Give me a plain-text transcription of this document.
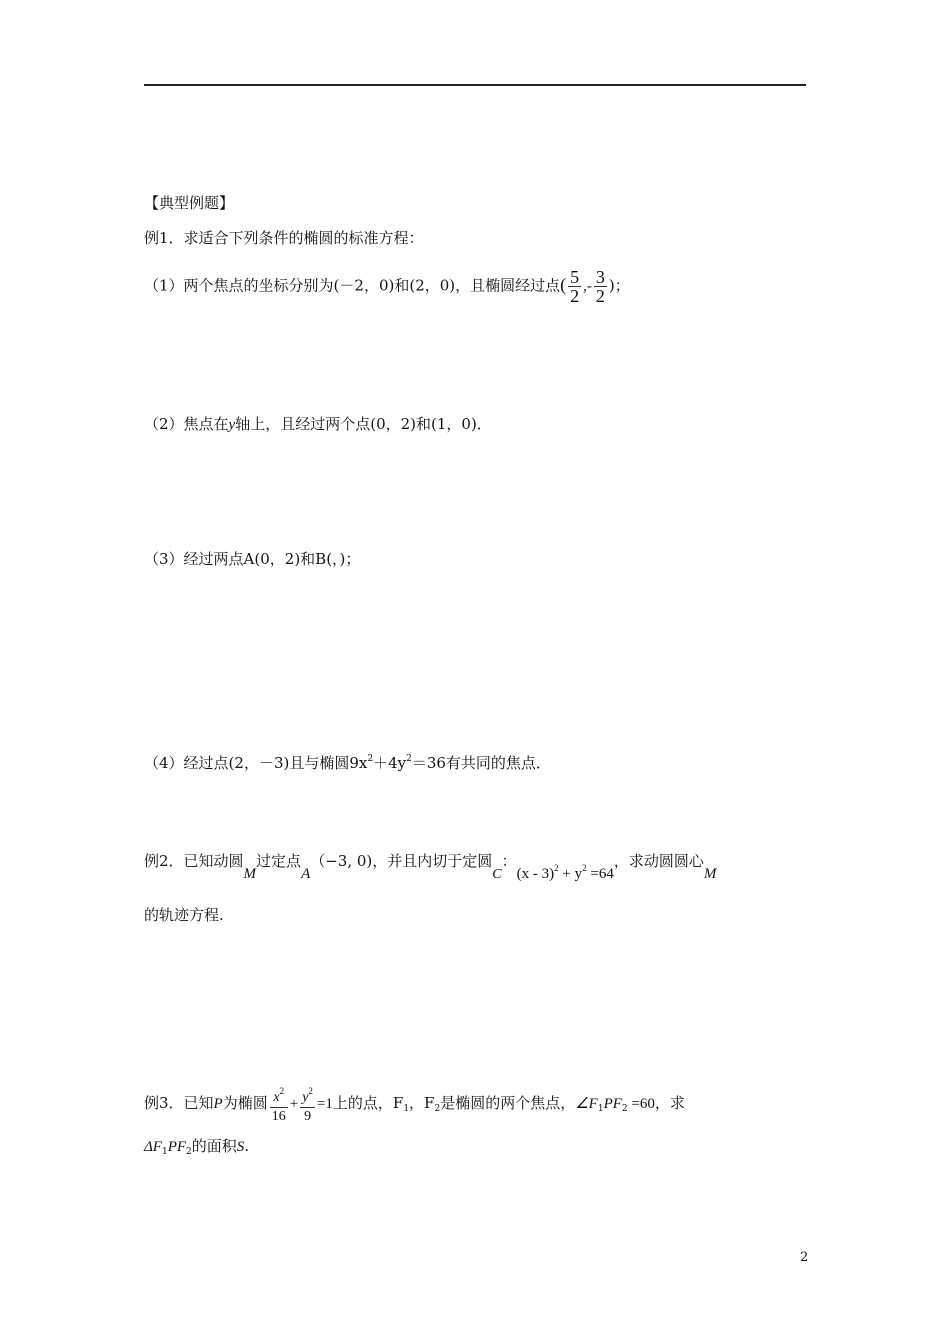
【典型例题】
例1．求适合下列条件的椭圆的标准方程：
（1）两个焦点的坐标分别为(－2，0)和(2，0)，且椭圆经过点( $\frac{5}{2}$ ,- $\frac{3}{2}$ )；
（2）焦点在y轴上，且经过两个点(0，2)和(1，0)．
（3）经过两点A(0，2)和B(，)；
（4）经过点(2，－3)且与椭圆$9x^2+4y^2=36$有共同的焦点．
例2．已知动圆M过定点A（−3, 0)，并且内切于定圆C：$(x - 3)^2 + y^2 =64$，求动圆圆心M
的轨迹方程.
例3．已知P为椭圆 $\frac{x^2}{16} + \frac{y^2}{9} =1$上的点，$F_1$，$F_2$是椭圆的两个焦点，$\angle F_1PF_2 =60$，求
$\Delta F_1PF_2$的面积S.
2
